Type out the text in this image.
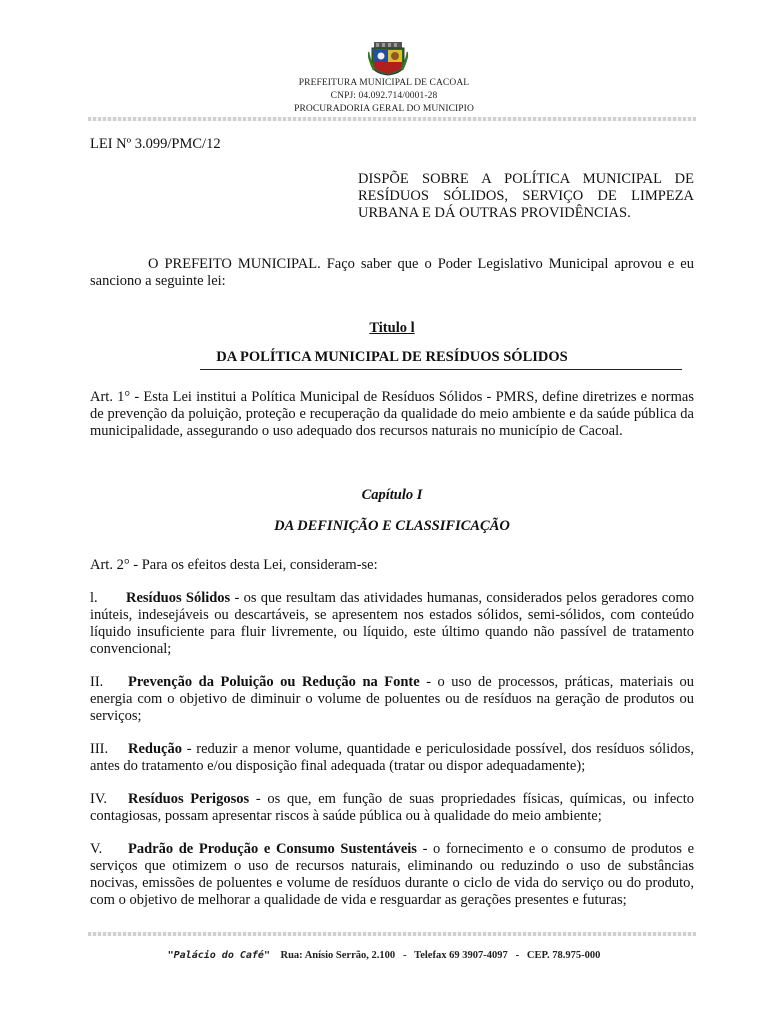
PREFEITURA MUNICIPAL DE CACOAL
CNPJ: 04.092.714/0001-28
PROCURADORIA GERAL DO MUNICIPIO

LEI Nº 3.099/PMC/12

DISPÕE SOBRE A POLÍTICA MUNICIPAL DE RESÍDUOS SÓLIDOS, SERVIÇO DE LIMPEZA URBANA E DÁ OUTRAS PROVIDÊNCIAS.

O PREFEITO MUNICIPAL. Faço saber que o Poder Legislativo Municipal aprovou e eu sanciono a seguinte lei:

Titulo l

DA POLÍTICA MUNICIPAL DE RESÍDUOS SÓLIDOS

Art. 1° - Esta Lei institui a Política Municipal de Resíduos Sólidos - PMRS, define diretrizes e normas de prevenção da poluição, proteção e recuperação da qualidade do meio ambiente e da saúde pública da municipalidade, assegurando o uso adequado dos recursos naturais no município de Cacoal.

Capítulo I

DA DEFINIÇÃO E CLASSIFICAÇÃO

Art. 2° - Para os efeitos desta Lei, consideram-se:

l. Resíduos Sólidos - os que resultam das atividades humanas, considerados pelos geradores como inúteis, indesejáveis ou descartáveis, se apresentem nos estados sólidos, semi-sólidos, com conteúdo líquido insuficiente para fluir livremente, ou líquido, este último quando não passível de tratamento convencional;

II. Prevenção da Poluição ou Redução na Fonte - o uso de processos, práticas, materiais ou energia com o objetivo de diminuir o volume de poluentes ou de resíduos na geração de produtos ou serviços;

III. Redução - reduzir a menor volume, quantidade e periculosidade possível, dos resíduos sólidos, antes do tratamento e/ou disposição final adequada (tratar ou dispor adequadamente);

IV. Resíduos Perigosos - os que, em função de suas propriedades físicas, químicas, ou infecto contagiosas, possam apresentar riscos à saúde pública ou à qualidade do meio ambiente;

V. Padrão de Produção e Consumo Sustentáveis - o fornecimento e o consumo de produtos e serviços que otimizem o uso de recursos naturais, eliminando ou reduzindo o uso de substâncias nocivas, emissões de poluentes e volume de resíduos durante o ciclo de vida do serviço ou do produto, com o objetivo de melhorar a qualidade de vida e resguardar as gerações presentes e futuras;

"Palácio do Café" Rua: Anísio Serrão, 2.100   -   Telefax 69 3907-4097   -   CEP. 78.975-000
